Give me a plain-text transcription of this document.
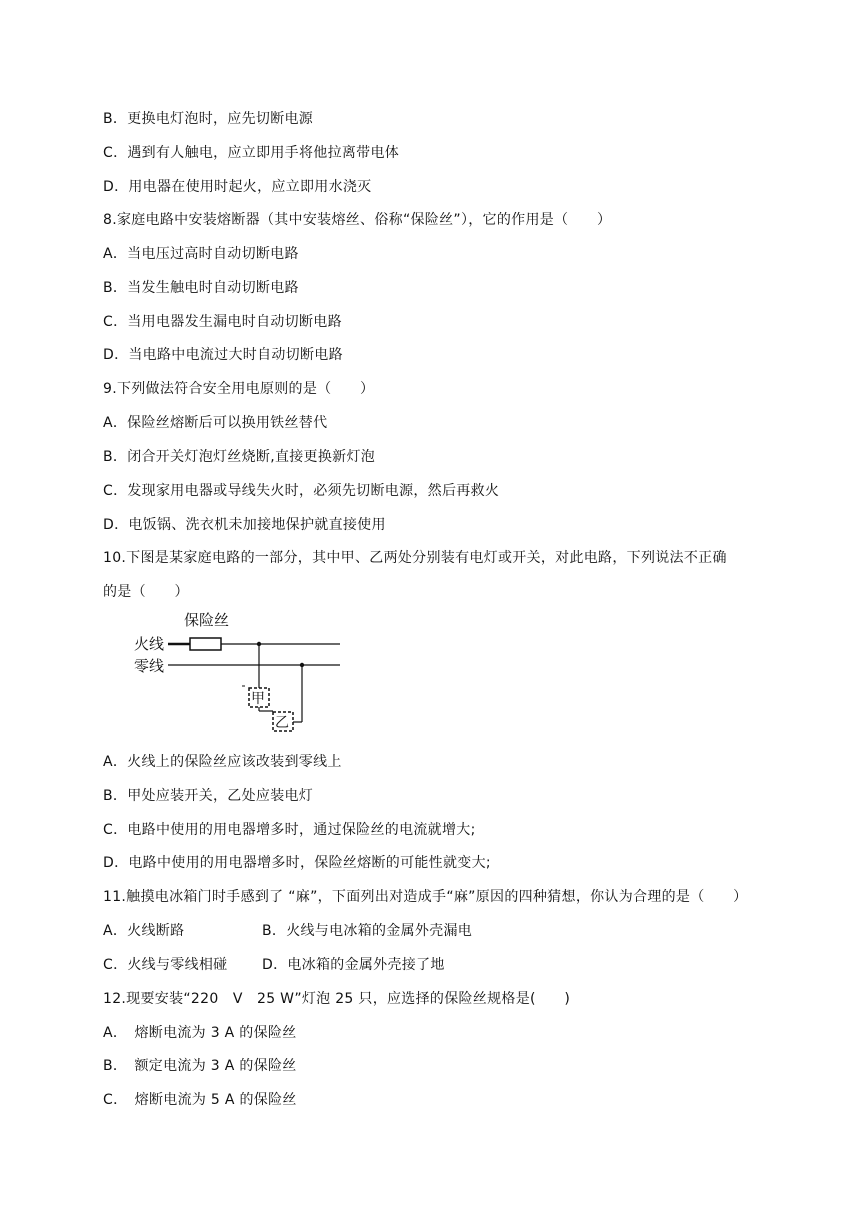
B．更换电灯泡时，应先切断电源
C．遇到有人触电，应立即用手将他拉离带电体
D．用电器在使用时起火，应立即用水浇灭
8.家庭电路中安装熔断器（其中安装熔丝、俗称“保险丝”），它的作用是（　　）
A．当电压过高时自动切断电路
B．当发生触电时自动切断电路
C．当用电器发生漏电时自动切断电路
D．当电路中电流过大时自动切断电路
9.下列做法符合安全用电原则的是（　　）
A．保险丝熔断后可以换用铁丝替代
B．闭合开关灯泡灯丝烧断,直接更换新灯泡
C．发现家用电器或导线失火时，必须先切断电源，然后再救火
D．电饭锅、洗衣机未加接地保护就直接使用
10.下图是某家庭电路的一部分，其中甲、乙两处分别装有电灯或开关，对此电路，下列说法不正确
的是（　　）
保险丝
火线
零线
甲
乙
A．火线上的保险丝应该改装到零线上
B．甲处应装开关，乙处应装电灯
C．电路中使用的用电器增多时，通过保险丝的电流就增大;
D．电路中使用的用电器增多时，保险丝熔断的可能性就变大;
11.触摸电冰箱门时手感到了 “麻”，下面列出对造成手“麻”原因的四种猜想，你认为合理的是（　　）
A．火线断路	B．火线与电冰箱的金属外壳漏电
C．火线与零线相碰 D．电冰箱的金属外壳接了地
12.现要安装“220　V　25 W”灯泡 25 只，应选择的保险丝规格是(　　)
A．　熔断电流为 3 A 的保险丝
B．　额定电流为 3 A 的保险丝
C．　熔断电流为 5 A 的保险丝
